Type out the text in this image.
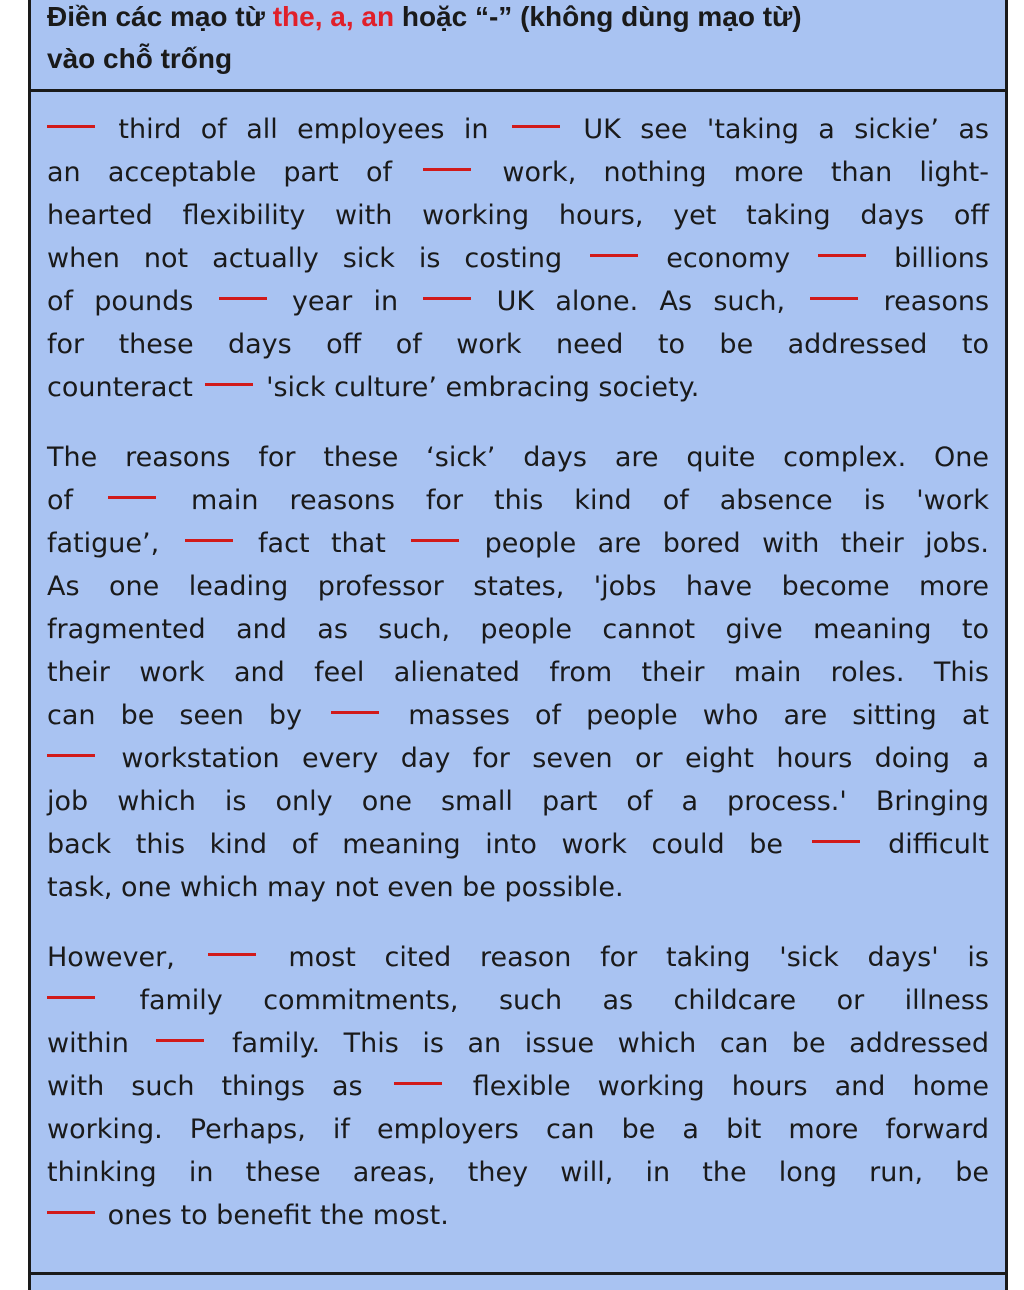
Điền các mạo từ the, a, an hoặc “-” (không dùng mạo từ)
vào chỗ trống
third of all employees in	UK see 'taking a sickie’ as
an acceptable part of	work, nothing more than light-
hearted flexibility with working hours, yet taking days off
when not actually sick is costing	economy	billions
of pounds	year in	UK alone. As such,	reasons
for these days off of work need to be addressed to
counteract	'sick culture’ embracing society.
The reasons for these ‘sick’ days are quite complex. One
of	main reasons for this kind of absence is 'work
fatigue’,	fact that	people are bored with their jobs.
As one leading professor states, 'jobs have become more
fragmented and as such, people cannot give meaning to
their work and feel alienated from their main roles. This
can be seen by	masses of people who are sitting at
workstation every day for seven or eight hours doing a
job which is only one small part of a process.' Bringing
back this kind of meaning into work could be	difficult
task, one which may not even be possible.
However,	most cited reason for taking 'sick days' is
family commitments, such as childcare or illness
within	family. This is an issue which can be addressed
with such things as	flexible working hours and home
working. Perhaps, if employers can be a bit more forward
thinking in these areas, they will, in the long run, be
ones to benefit the most.
